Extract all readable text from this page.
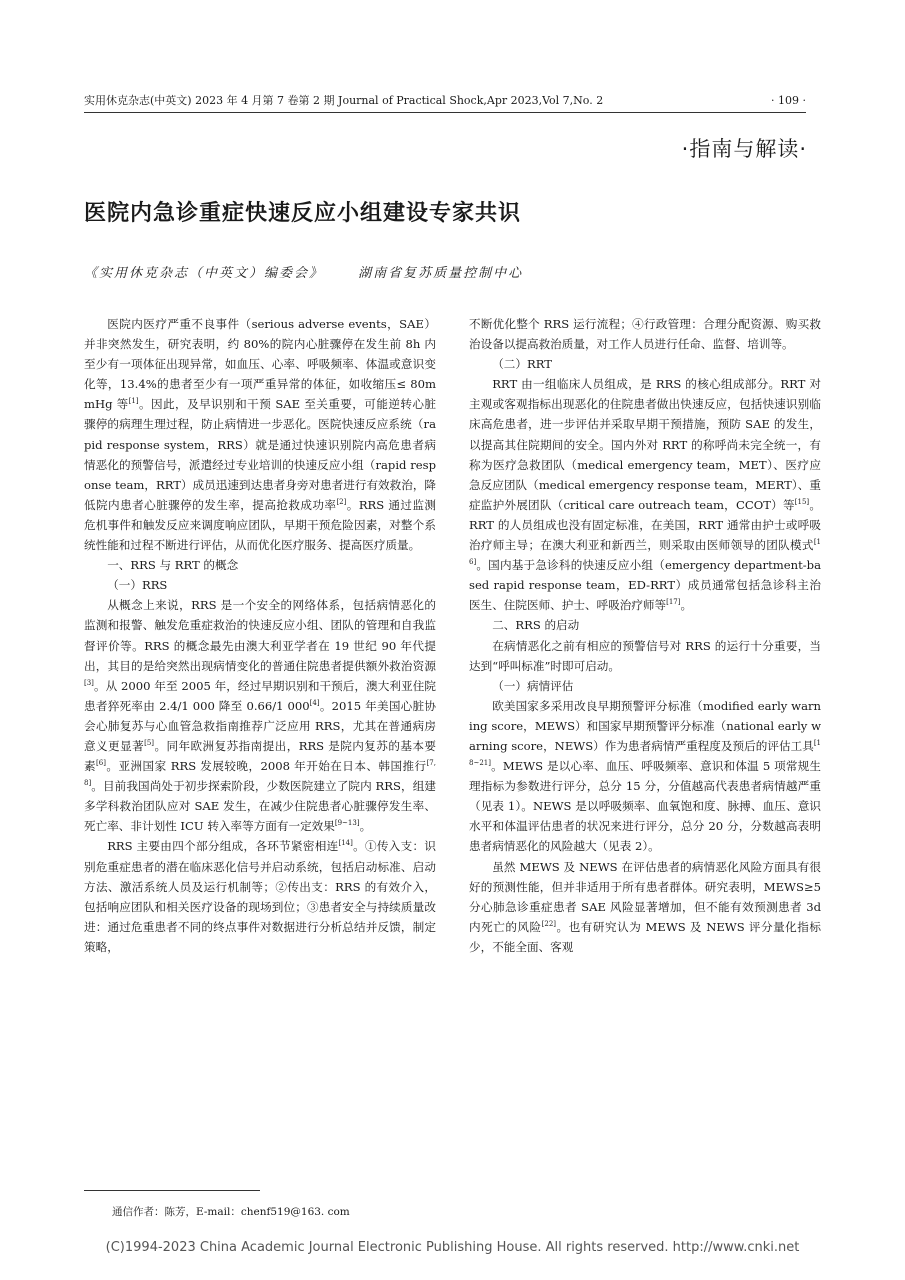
实用休克杂志(中英文) 2023 年 4 月第 7 卷第 2 期 Journal of Practical Shock,Apr 2023,Vol 7,No. 2	· 109 ·
·指南与解读·
医院内急诊重症快速反应小组建设专家共识
《实用休克杂志（中英文）编委会》	湖南省复苏质量控制中心

医院内医疗严重不良事件（serious adverse events，SAE）并非突然发生，研究表明，约 80%的院内心脏骤停在发生前 8h 内至少有一项体征出现异常，如血压、心率、呼吸频率、体温或意识变化等，13.4%的患者至少有一项严重异常的体征，如收缩压≤ 80mmHg 等[1]。因此，及早识别和干预 SAE 至关重要，可能逆转心脏骤停的病理生理过程，防止病情进一步恶化。医院快速反应系统（rapid response system，RRS）就是通过快速识别院内高危患者病情恶化的预警信号，派遣经过专业培训的快速反应小组（rapid response team，RRT）成员迅速到达患者身旁对患者进行有效救治，降低院内患者心脏骤停的发生率，提高抢救成功率[2]。RRS 通过监测危机事件和触发反应来调度响应团队，早期干预危险因素，对整个系统性能和过程不断进行评估，从而优化医疗服务、提高医疗质量。

一、RRS 与 RRT 的概念
（一）RRS

从概念上来说，RRS 是一个安全的网络体系，包括病情恶化的监测和报警、触发危重症救治的快速反应小组、团队的管理和自我监督评价等。RRS 的概念最先由澳大利亚学者在 19 世纪 90 年代提出，其目的是给突然出现病情变化的普通住院患者提供额外救治资源[3]。从 2000 年至 2005 年，经过早期识别和干预后，澳大利亚住院患者猝死率由 2.4/1 000 降至 0.66/1 000[4]。2015 年美国心脏协会心肺复苏与心血管急救指南推荐广泛应用 RRS，尤其在普通病房意义更显著[5]。同年欧洲复苏指南提出，RRS 是院内复苏的基本要素[6]。亚洲国家 RRS 发展较晚，2008 年开始在日本、韩国推行[7,8]。目前我国尚处于初步探索阶段，少数医院建立了院内 RRS，组建多学科救治团队应对 SAE 发生，在减少住院患者心脏骤停发生率、死亡率、非计划性 ICU 转入率等方面有一定效果[9~13]。

RRS 主要由四个部分组成，各环节紧密相连[14]。①传入支：识别危重症患者的潜在临床恶化信号并启动系统，包括启动标准、启动方法、激活系统人员及运行机制等；②传出支：RRS 的有效介入，包括响应团队和相关医疗设备的现场到位；③患者安全与持续质量改进：通过危重患者不同的终点事件对数据进行分析总结并反馈，制定策略，

不断优化整个 RRS 运行流程；④行政管理：合理分配资源、购买救治设备以提高救治质量，对工作人员进行任命、监督、培训等。

（二）RRT

RRT 由一组临床人员组成，是 RRS 的核心组成部分。RRT 对主观或客观指标出现恶化的住院患者做出快速反应，包括快速识别临床高危患者，进一步评估并采取早期干预措施，预防 SAE 的发生，以提高其住院期间的安全。国内外对 RRT 的称呼尚未完全统一，有称为医疗急救团队（medical emergency team，MET）、医疗应急反应团队（medical emergency response team，MERT）、重症监护外展团队（critical care outreach team，CCOT）等[15]。RRT 的人员组成也没有固定标准，在美国，RRT 通常由护士或呼吸治疗师主导；在澳大利亚和新西兰，则采取由医师领导的团队模式[16]。国内基于急诊科的快速反应小组（emergency department-based rapid response team，ED-RRT）成员通常包括急诊科主治医生、住院医师、护士、呼吸治疗师等[17]。

二、RRS 的启动

在病情恶化之前有相应的预警信号对 RRS 的运行十分重要，当达到“呼叫标准”时即可启动。

（一）病情评估

欧美国家多采用改良早期预警评分标准（modified early warning score，MEWS）和国家早期预警评分标准（national early warning score，NEWS）作为患者病情严重程度及预后的评估工具[18~21]。MEWS 是以心率、血压、呼吸频率、意识和体温 5 项常规生理指标为参数进行评分，总分 15 分，分值越高代表患者病情越严重（见表 1）。NEWS 是以呼吸频率、血氧饱和度、脉搏、血压、意识水平和体温评估患者的状况来进行评分，总分 20 分，分数越高表明患者病情恶化的风险越大（见表 2）。

虽然 MEWS 及 NEWS 在评估患者的病情恶化风险方面具有很好的预测性能，但并非适用于所有患者群体。研究表明，MEWS≥5 分心肺急诊重症患者 SAE 风险显著增加，但不能有效预测患者 3d 内死亡的风险[22]。也有研究认为 MEWS 及 NEWS 评分量化指标少，不能全面、客观

通信作者：陈芳，E-mail：chenf519@163. com
(C)1994-2023 China Academic Journal Electronic Publishing House. All rights reserved. http://www.cnki.net
